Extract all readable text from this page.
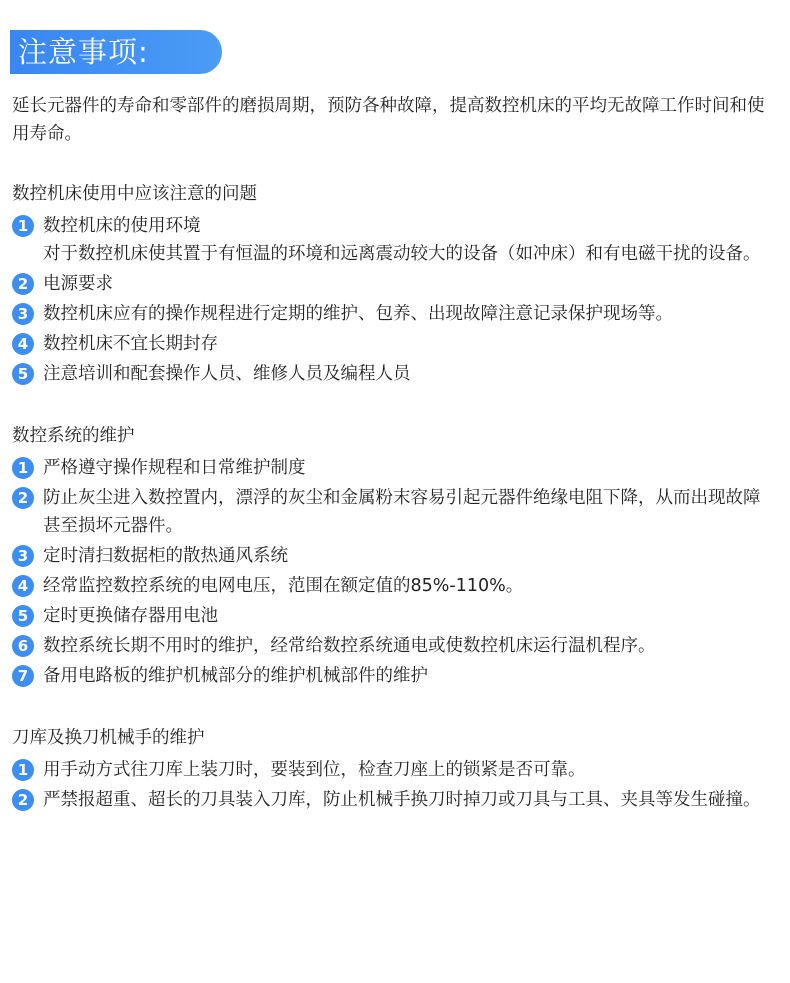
注意事项:

延长元器件的寿命和零部件的磨损周期，预防各种故障，提高数控机床的平均无故障工作时间和使用寿命。

数控机床使用中应该注意的问题
1 数控机床的使用环境
对于数控机床使其置于有恒温的环境和远离震动较大的设备（如冲床）和有电磁干扰的设备。
2 电源要求
3 数控机床应有的操作规程进行定期的维护、包养、出现故障注意记录保护现场等。
4 数控机床不宜长期封存
5 注意培训和配套操作人员、维修人员及编程人员
数控系统的维护
1 严格遵守操作规程和日常维护制度
2 防止灰尘进入数控置内，漂浮的灰尘和金属粉末容易引起元器件绝缘电阻下降，从而出现故障甚至损坏元器件。
3 定时清扫数据柜的散热通风系统
4 经常监控数控系统的电网电压，范围在额定值的85%-110%。
5 定时更换储存器用电池
6 数控系统长期不用时的维护，经常给数控系统通电或使数控机床运行温机程序。
7 备用电路板的维护机械部分的维护机械部件的维护
刀库及换刀机械手的维护
1 用手动方式往刀库上装刀时，要装到位，检查刀座上的锁紧是否可靠。
2 严禁报超重、超长的刀具装入刀库，防止机械手换刀时掉刀或刀具与工具、夹具等发生碰撞。
